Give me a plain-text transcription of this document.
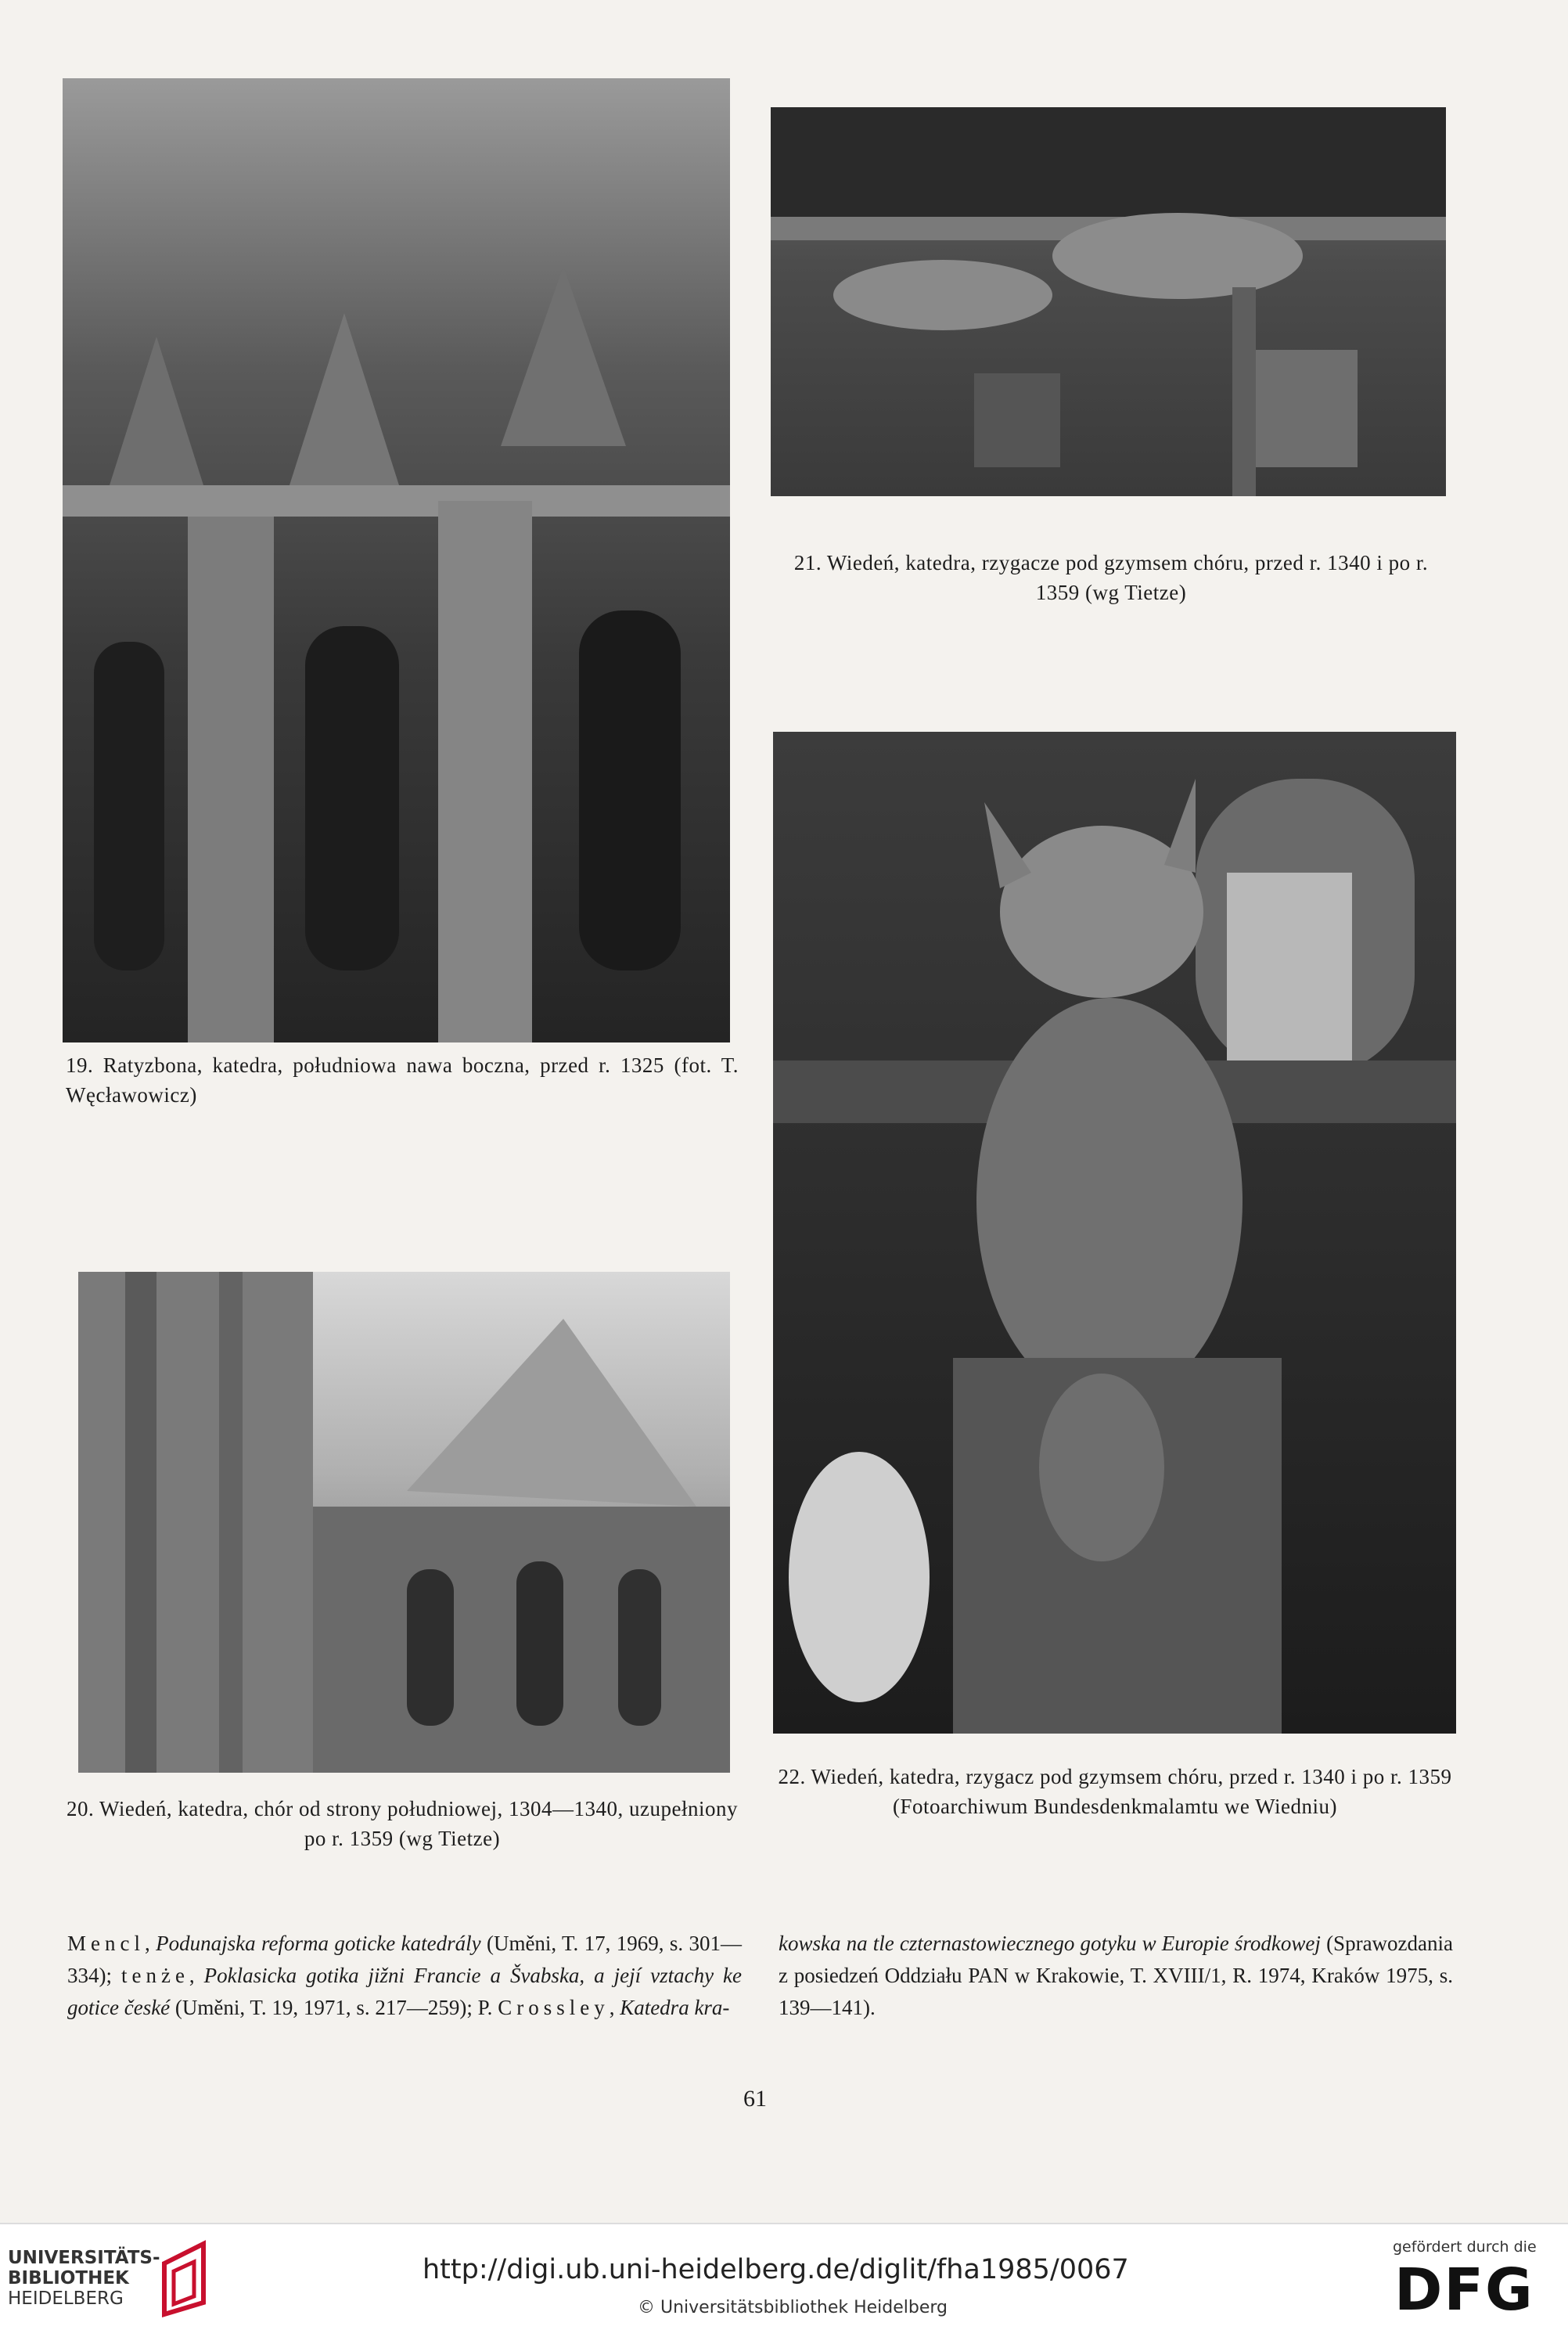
19. Ratyzbona, katedra, południowa nawa boczna, przed r. 1325 (fot. T. Węcławowicz)
20. Wiedeń, katedra, chór od strony południowej, 1304—1340, uzupełniony po r. 1359 (wg Tietze)
21. Wiedeń, katedra, rzygacze pod gzymsem chóru, przed r. 1340 i po r. 1359 (wg Tietze)
22. Wiedeń, katedra, rzygacz pod gzymsem chóru, przed r. 1340 i po r. 1359 (Fotoarchiwum Bundesdenkmalamtu we Wiedniu)
Mencl, Podunajska reforma goticke katedrály (Uměni, T. 17, 1969, s. 301—334); tenże, Poklasicka gotika jižni Francie a Švabska, a její vztachy ke gotice české (Uměni, T. 19, 1971, s. 217—259); P. Crossley, Katedra kra-
kowska na tle czternastowiecznego gotyku w Europie środkowej (Sprawozdania z posiedzeń Oddziału PAN w Krakowie, T. XVIII/1, R. 1974, Kraków 1975, s. 139—141).
61
UNIVERSITÄTS-
BIBLIOTHEK
HEIDELBERG
http://digi.ub.uni-heidelberg.de/diglit/fha1985/0067
© Universitätsbibliothek Heidelberg
gefördert durch die
DFG
